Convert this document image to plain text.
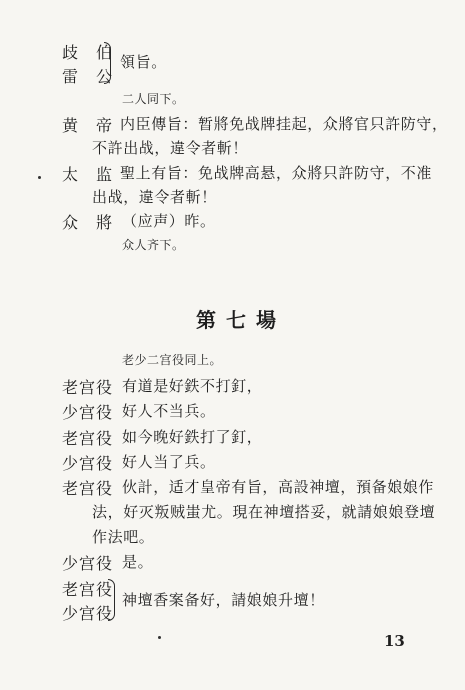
歧　伯
雷　公
領旨。
二人同下。
黄　帝 内臣傳旨：暂將免战牌挂起，众將官只許防守，
不許出战，違令者斬！
太　监 聖上有旨：免战牌高悬，众將只許防守，不准
出战，違令者斬！
众　將 （应声）昨。
众人齐下。
第七場
老少二宫役同上。
老宫役 有道是好鉄不打釘，
少宫役 好人不当兵。
老宫役 如今晚好鉄打了釘，
少宫役 好人当了兵。
老宫役 伙計，适才皇帝有旨，高設神壇，預备娘娘作
法，好灭叛贼蚩尤。現在神壇搭妥，就請娘娘登壇
作法吧。
少宫役 是。
老宫役
少宫役
神壇香案备好，請娘娘升壇！
13
